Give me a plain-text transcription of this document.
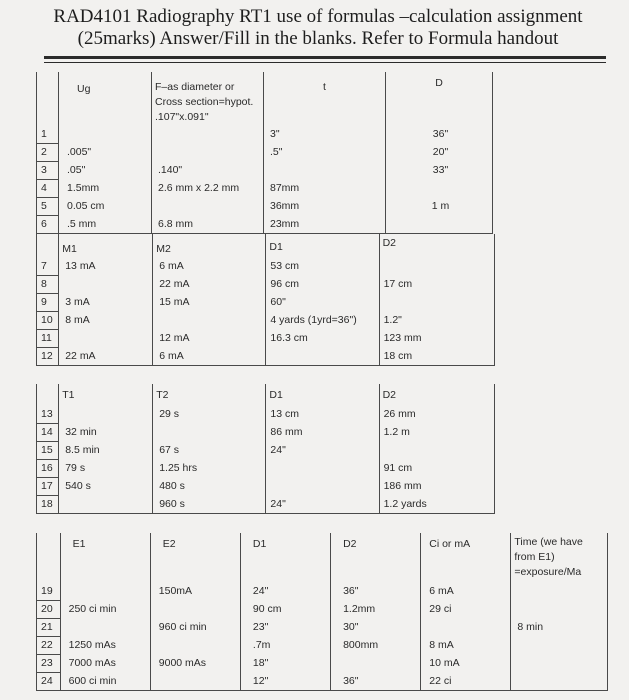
RAD4101 Radiography RT1 use of formulas –calculation assignment
(25marks) Answer/Fill in the blanks. Refer to Formula handout
	Ug	F–as diameter or Cross section=hypot. .107"x.091"	t	D
1			3"	36"
2	.005"		.5"	20"
3	.05"	.140"		33"
4	1.5mm	2.6 mm x 2.2 mm	87mm	
5	0.05 cm		36mm	1 m
6	.5 mm	6.8 mm	23mm	
	M1	M2	D1	D2
7	13 mA	6 mA	53 cm	
8		22 mA	96 cm	17 cm
9	3 mA	15 mA	60"	
10	8 mA		4 yards (1yrd=36")	1.2"
11		12 mA	16.3 cm	123 mm
12	22 mA	6 mA		18 cm
	T1	T2	D1	D2
13		29 s	13 cm	26 mm
14	32 min		86 mm	1.2 m
15	8.5 min	67 s	24"	
16	79 s	1.25 hrs		91 cm
17	540 s	480 s		186 mm
18		960 s	24"	1.2 yards
	E1	E2	D1	D2	Ci or mA	Time (we have from E1) =exposure/Ma
19		150mA	24"	36"	6 mA	
20	250 ci min		90 cm	1.2mm	29 ci	
21		960 ci min	23"	30"		8 min
22	1250 mAs		.7m	800mm	8 mA	
23	7000 mAs	9000 mAs	18"		10 mA	
24	600 ci min		12"	36"	22 ci	
